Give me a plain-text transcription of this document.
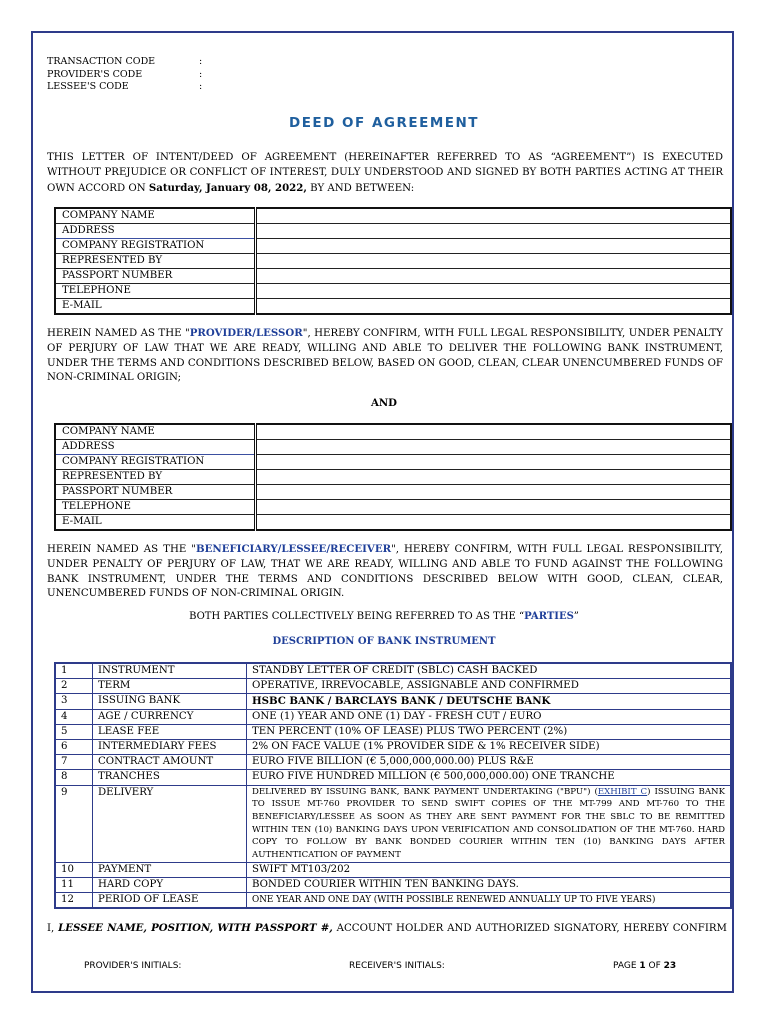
TRANSACTION CODE	:
PROVIDER'S CODE	:
LESSEE'S CODE	:
DEED OF AGREEMENT
THIS LETTER OF INTENT/DEED OF AGREEMENT (HEREINAFTER REFERRED TO AS “AGREEMENT”) IS EXECUTED WITHOUT PREJUDICE OR CONFLICT OF INTEREST, DULY UNDERSTOOD AND SIGNED BY BOTH PARTIES ACTING AT THEIR OWN ACCORD ON Saturday, January 08, 2022, BY AND BETWEEN:
COMPANY NAME	
ADDRESS	
COMPANY REGISTRATION	
REPRESENTED BY	
PASSPORT NUMBER	
TELEPHONE	
E-MAIL	
HEREIN NAMED AS THE "PROVIDER/LESSOR", HEREBY CONFIRM, WITH FULL LEGAL RESPONSIBILITY, UNDER PENALTY OF PERJURY OF LAW THAT WE ARE READY, WILLING AND ABLE TO DELIVER THE FOLLOWING BANK INSTRUMENT, UNDER THE TERMS AND CONDITIONS DESCRIBED BELOW, BASED ON GOOD, CLEAN, CLEAR UNENCUMBERED FUNDS OF NON-CRIMINAL ORIGIN;
AND
COMPANY NAME	
ADDRESS	
COMPANY REGISTRATION	
REPRESENTED BY	
PASSPORT NUMBER	
TELEPHONE	
E-MAIL	
HEREIN NAMED AS THE "BENEFICIARY/LESSEE/RECEIVER", HEREBY CONFIRM, WITH FULL LEGAL RESPONSIBILITY, UNDER PENALTY OF PERJURY OF LAW, THAT WE ARE READY, WILLING AND ABLE TO FUND AGAINST THE FOLLOWING BANK INSTRUMENT, UNDER THE TERMS AND CONDITIONS DESCRIBED BELOW WITH GOOD, CLEAN, CLEAR, UNENCUMBERED FUNDS OF NON-CRIMINAL ORIGIN.
BOTH PARTIES COLLECTIVELY BEING REFERRED TO AS THE “PARTIES”
DESCRIPTION OF BANK INSTRUMENT
1	INSTRUMENT	STANDBY LETTER OF CREDIT (SBLC) CASH BACKED
2	TERM	OPERATIVE, IRREVOCABLE, ASSIGNABLE AND CONFIRMED
3	ISSUING BANK	HSBC BANK / BARCLAYS BANK / DEUTSCHE BANK
4	AGE / CURRENCY	ONE (1) YEAR AND ONE (1) DAY - FRESH CUT / EURO
5	LEASE FEE	TEN PERCENT (10% OF LEASE) PLUS TWO PERCENT (2%)
6	INTERMEDIARY FEES	2% ON FACE VALUE (1% PROVIDER SIDE & 1% RECEIVER SIDE)
7	CONTRACT AMOUNT	EURO FIVE BILLION (€ 5,000,000,000.00) PLUS R&E
8	TRANCHES	EURO FIVE HUNDRED MILLION (€ 500,000,000.00) ONE TRANCHE
9	DELIVERY	DELIVERED BY ISSUING BANK, BANK PAYMENT UNDERTAKING ("BPU") (EXHIBIT C) ISSUING BANK TO ISSUE MT-760 PROVIDER TO SEND SWIFT COPIES OF THE MT-799 AND MT-760 TO THE BENEFICIARY/LESSEE AS SOON AS THEY ARE SENT PAYMENT FOR THE SBLC TO BE REMITTED WITHIN TEN (10) BANKING DAYS UPON VERIFICATION AND CONSOLIDATION OF THE MT-760. HARD COPY TO FOLLOW BY BANK BONDED COURIER WITHIN TEN (10) BANKING DAYS AFTER AUTHENTICATION OF PAYMENT
10	PAYMENT	SWIFT MT103/202
11	HARD COPY	BONDED COURIER WITHIN TEN BANKING DAYS.
12	PERIOD OF LEASE	ONE YEAR AND ONE DAY (WITH POSSIBLE RENEWED ANNUALLY UP TO FIVE YEARS)
I, LESSEE NAME, POSITION, WITH PASSPORT #, ACCOUNT HOLDER AND AUTHORIZED SIGNATORY, HEREBY CONFIRM
PROVIDER'S INITIALS:	RECEIVER'S INITIALS:	PAGE 1 OF 23
